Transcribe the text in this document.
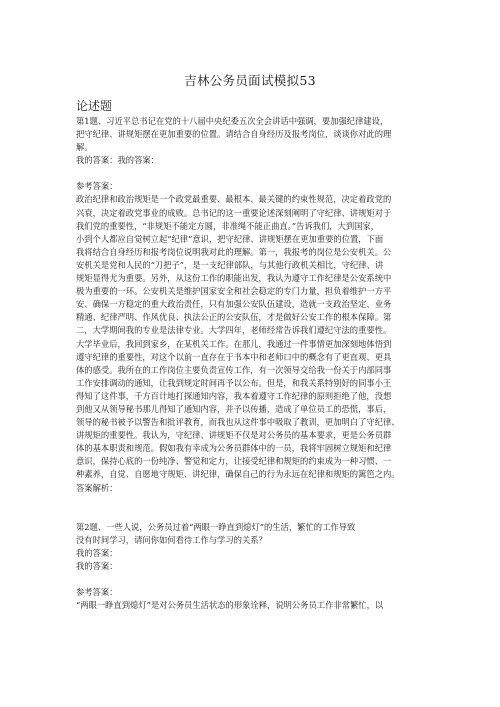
吉林公务员面试模拟53
论述题
第1题、习近平总书记在党的十八届中央纪委五次全会讲话中强调，要加强纪律建设，
把守纪律、讲规矩摆在更加重要的位置。请结合自身经历及报考岗位，谈谈你对此的理
解。
我的答案：我的答案：
参考答案：
政治纪律和政治规矩是一个政党最重要、最根本、最关键的约束性规范，决定着政党的
兴衰，决定着政党事业的成败。总书记的这一重要论述深刻阐明了守纪律、讲规矩对于
我们党的重要性，“非规矩不能定方圆，非准绳不能正曲直。”告诉我们，大到国家，
小到个人都应自觉树立起“纪律”意识，把守纪律、讲规矩摆在更加重要的位置，下面
我将结合自身经历和报考岗位说明我对此的理解。第一，我报考的岗位是公安机关。公
安机关是党和人民的“刀把子”，是一支纪律部队，与其他行政机关相比，守纪律、讲
规矩显得尤为重要。另外，从这份工作的职能出发，我认为遵守工作纪律是公安系统中
极为重要的一环。公安机关是维护国家安全和社会稳定的专门力量，担负着维护一方平
安、确保一方稳定的重大政治责任，只有加强公安队伍建设，造就一支政治坚定、业务
精通、纪律严明、作风优良、执法公正的公安队伍，才是做好公安工作的根本保障。第
二，大学期间我的专业是法律专业。大学四年，老师经常告诉我们遵纪守法的重要性。
大学毕业后，我回到家乡，在某机关工作。在那儿，我通过一件事情更加深刻地体悟到
遵守纪律的重要性，对这个以前一直存在于书本中和老师口中的概念有了更直观、更具
体的感受。我所在的工作岗位主要负责宣传工作，有一次领导交给我一份关于内部同事
工作安排调动的通知，让我到规定时间再予以公布。但是，和我关系特别好的同事小王
得知了这件事，千方百计地打探通知内容，我本着遵守工作纪律的原则拒绝了他，没想
到他又从领导秘书那儿得知了通知内容，并予以传播，造成了单位员工的恐慌，事后，
领导的秘书被予以警告和批评教育，而我也从这件事中吸取了教训，更加明白了守纪律、
讲规矩的重要性。我认为，守纪律、讲规矩不仅是对公务员的基本要求，更是公务员群
体的基本职责和规范。假如我有幸成为公务员群体中的一员，我将牢固树立规矩和纪律
意识，保持心底的一份纯净、警觉和定力，让接受纪律和规矩的约束成为一种习惯、一
种素养，自觉、自愿地守规矩、讲纪律，确保自己的行为永远在纪律和规矩的篱笆之内。
答案解析：
第2题、一些人说，公务员过着“两眼一睁直到熄灯”的生活，繁忙的工作导致
没有时间学习，请问你如何看待工作与学习的关系？
我的答案：
我的答案：
参考答案：
“两眼一睁直到熄灯”是对公务员生活状态的形象诠释，说明公务员工作非常繁忙，以
